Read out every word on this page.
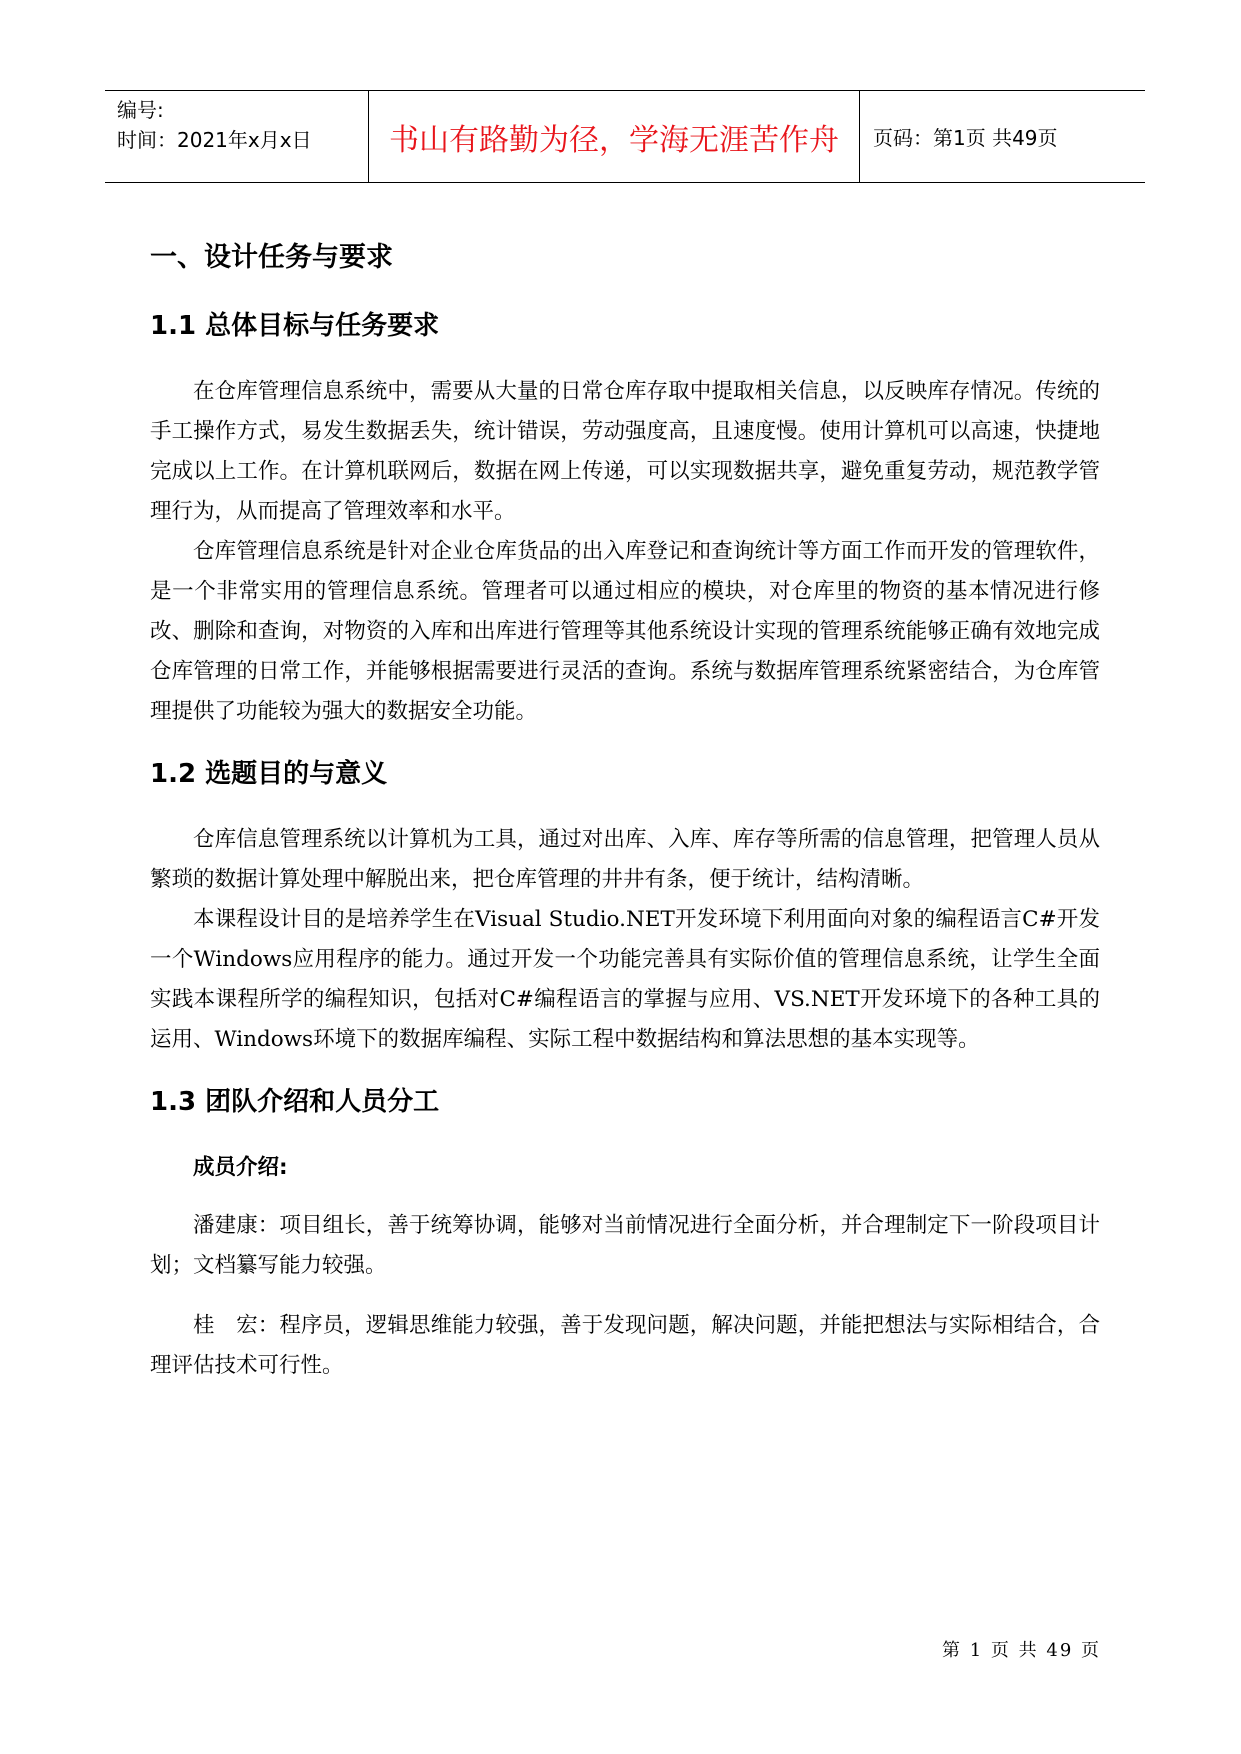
编号:
时间：2021年x月x日	书山有路勤为径，学海无涯苦作舟	页码：第1页 共49页
一、设计任务与要求
1.1 总体目标与任务要求

在仓库管理信息系统中，需要从大量的日常仓库存取中提取相关信息，以反映库存情况。传统的手工操作方式，易发生数据丢失，统计错误，劳动强度高，且速度慢。使用计算机可以高速，快捷地完成以上工作。在计算机联网后，数据在网上传递，可以实现数据共享，避免重复劳动，规范教学管理行为，从而提高了管理效率和水平。

仓库管理信息系统是针对企业仓库货品的出入库登记和查询统计等方面工作而开发的管理软件，是一个非常实用的管理信息系统。管理者可以通过相应的模块，对仓库里的物资的基本情况进行修改、删除和查询，对物资的入库和出库进行管理等其他系统设计实现的管理系统能够正确有效地完成仓库管理的日常工作，并能够根据需要进行灵活的查询。系统与数据库管理系统紧密结合，为仓库管理提供了功能较为强大的数据安全功能。

1.2 选题目的与意义

仓库信息管理系统以计算机为工具，通过对出库、入库、库存等所需的信息管理，把管理人员从繁琐的数据计算处理中解脱出来，把仓库管理的井井有条，便于统计，结构清晰。

本课程设计目的是培养学生在Visual Studio.NET开发环境下利用面向对象的编程语言C#开发一个Windows应用程序的能力。通过开发一个功能完善具有实际价值的管理信息系统，让学生全面实践本课程所学的编程知识，包括对C#编程语言的掌握与应用、VS.NET开发环境下的各种工具的运用、Windows环境下的数据库编程、实际工程中数据结构和算法思想的基本实现等。

1.3 团队介绍和人员分工
成员介绍:

潘建康：项目组长，善于统筹协调，能够对当前情况进行全面分析，并合理制定下一阶段项目计划；文档纂写能力较强。

桂　宏：程序员，逻辑思维能力较强，善于发现问题，解决问题，并能把想法与实际相结合，合理评估技术可行性。

第 1 页 共 49 页
